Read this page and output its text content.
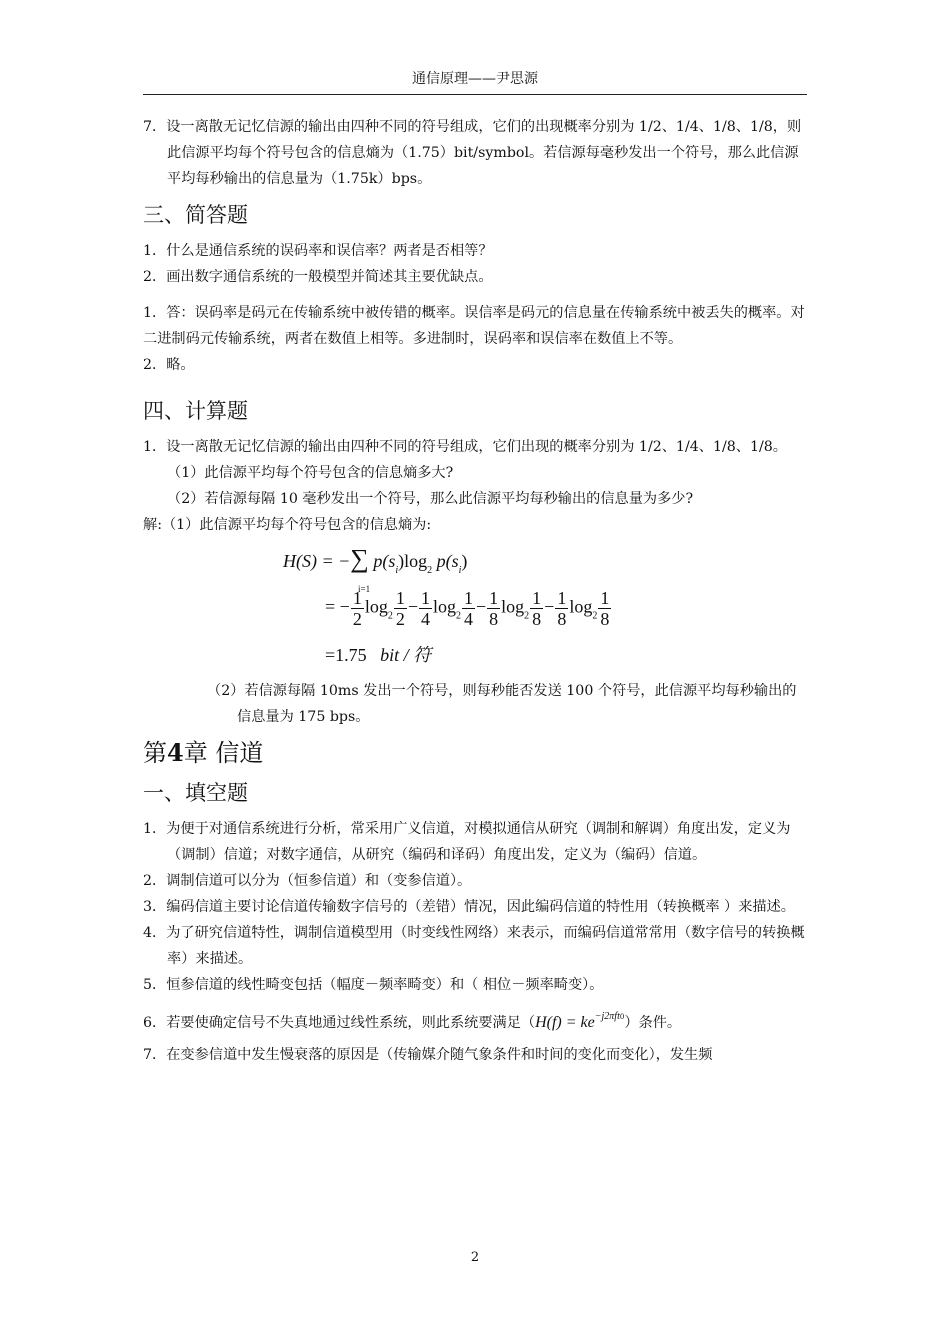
通信原理——尹思源

7．设一离散无记忆信源的输出由四种不同的符号组成，它们的出现概率分别为 1/2、1/4、1/8、1/8，则此信源平均每个符号包含的信息熵为（1.75）bit/symbol。若信源每毫秒发出一个符号，那么此信源平均每秒输出的信息量为（1.75k）bps。

三、简答题

1．什么是通信系统的误码率和误信率？两者是否相等？

2．画出数字通信系统的一般模型并简述其主要优缺点。

1．答：误码率是码元在传输系统中被传错的概率。误信率是码元的信息量在传输系统中被丢失的概率。对二进制码元传输系统，两者在数值上相等。多进制时，误码率和误信率在数值上不等。

2．略。

四、计算题

1．设一离散无记忆信源的输出由四种不同的符号组成，它们出现的概率分别为 1/2、1/4、1/8、1/8。

（1）此信源平均每个符号包含的信息熵多大?

（2）若信源每隔 10 毫秒发出一个符号，那么此信源平均每秒输出的信息量为多少?

解:（1）此信源平均每个符号包含的信息熵为:

H(S) = −∑ $p(s_i)\log_2$ $p(s_i)$
i=1
= − $\frac{1}{2} \log_2 \frac{1}{2} - \frac{1}{4} \log_2 \frac{1}{4} - \frac{1}{8} \log_2 \frac{1}{8} - \frac{1}{8} \log_2 \frac{1}{8}$
=1.75 bit / 符

（2）若信源每隔 10ms 发出一个符号，则每秒能否发送 100 个符号，此信源平均每秒输出的信息量为 175 bps。

第4章 信道
一、填空题

1．为便于对通信系统进行分析，常采用广义信道，对模拟通信从研究（调制和解调）角度出发，定义为（调制）信道；对数字通信，从研究（编码和译码）角度出发，定义为（编码）信道。

2．调制信道可以分为（恒参信道）和（变参信道）。

3．编码信道主要讨论信道传输数字信号的（差错）情况，因此编码信道的特性用（转换概率 ）来描述。

4．为了研究信道特性，调制信道模型用（时变线性网络）来表示，而编码信道常常用（数字信号的转换概率）来描述。

5．恒参信道的线性畸变包括（幅度－频率畸变）和（ 相位－频率畸变）。

6．若要使确定信号不失真地通过线性系统，则此系统要满足$(H(f) = ke^{-j2\pi ft0})$条件。

7．在变参信道中发生慢衰落的原因是（传输媒介随气象条件和时间的变化而变化），发生频

2
